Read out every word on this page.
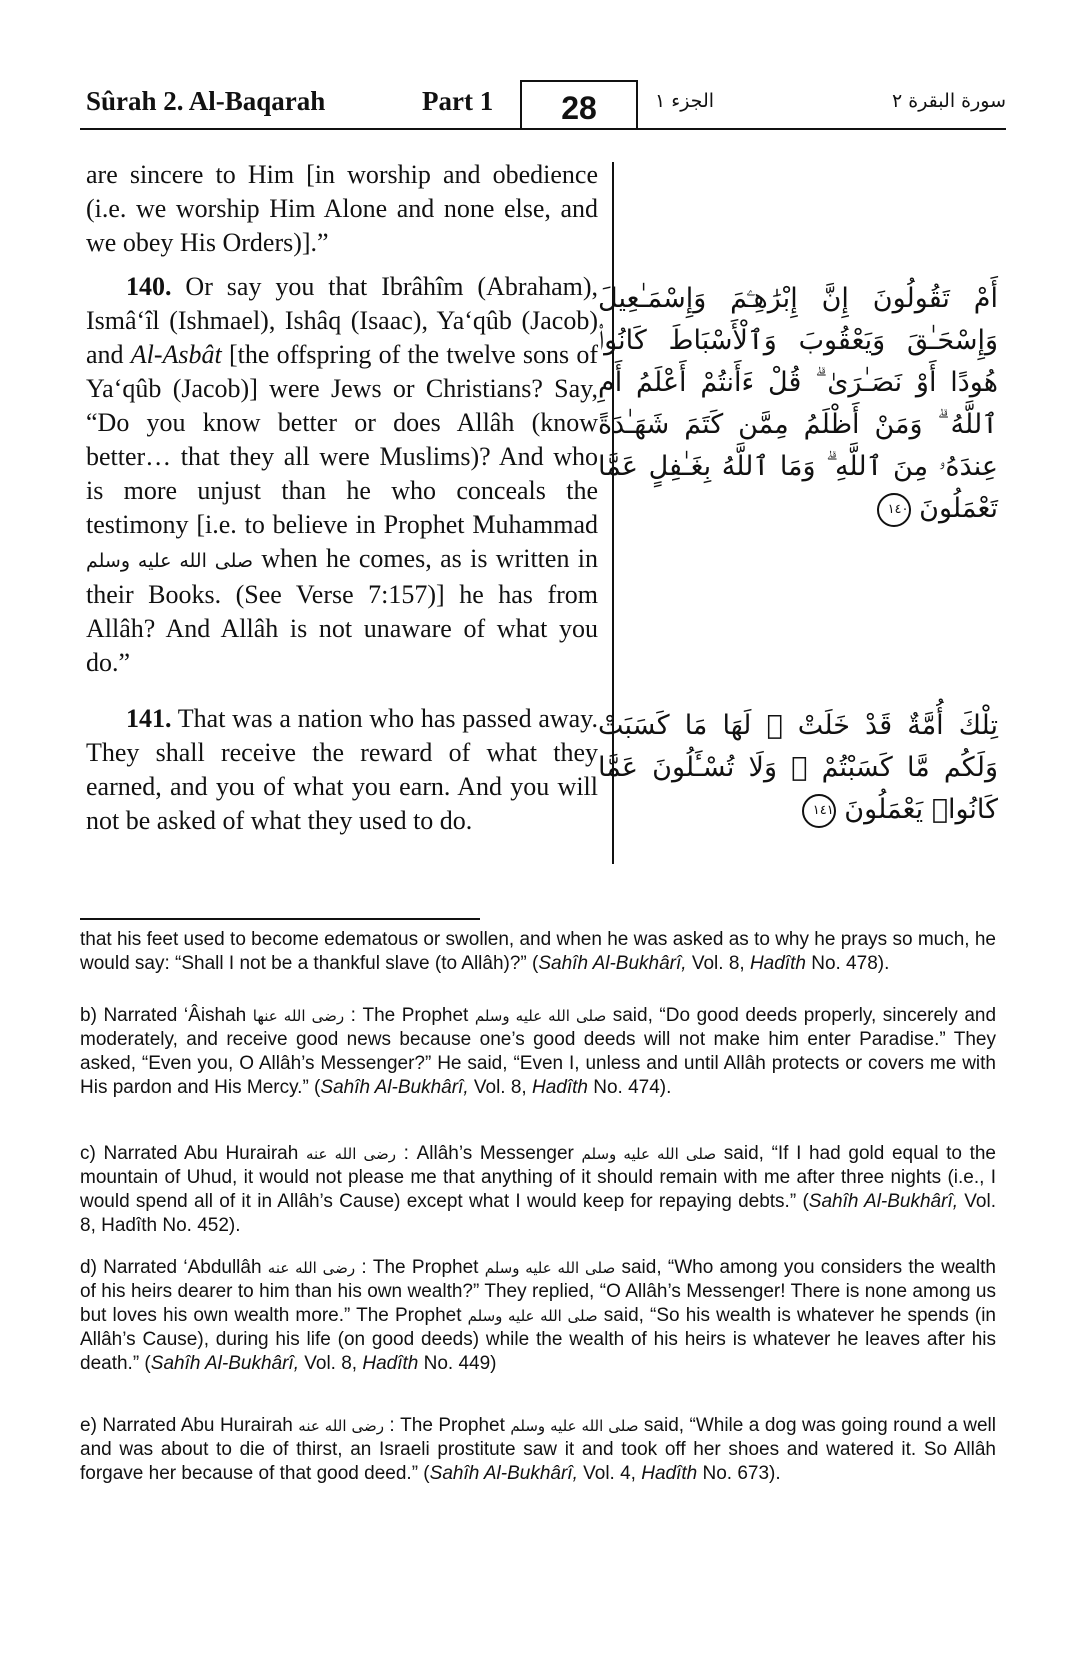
Sûrah 2. Al-Baqarah	Part 1	28	الجزء ١	سورة البقرة ٢
are sincere to Him [in worship and obedience (i.e. we worship Him Alone and none else, and we obey His Orders)].”
140. Or say you that Ibrâhîm (Abraham), Ismâ‘îl (Ishmael), Ishâq (Isaac), Ya‘qûb (Jacob) and Al-Asbât [the offspring of the twelve sons of Ya‘qûb (Jacob)] were Jews or Christians? Say, “Do you know better or does Allâh (know better… that they all were Muslims)? And who is more unjust than he who conceals the testimony [i.e. to believe in Prophet Muhammad صلى الله عليه وسلم when he comes, as is written in their Books. (See Verse 7:157)] he has from Allâh? And Allâh is not unaware of what you do.”
141. That was a nation who has passed away. They shall receive the reward of what they earned, and you of what you earn. And you will not be asked of what they used to do.
أَمْ تَقُولُونَ إِنَّ إِبْرَٰهِـۧمَ وَإِسْمَـٰعِيلَ وَإِسْحَـٰقَ وَيَعْقُوبَ وَٱلْأَسْبَاطَ كَانُوا۟ هُودًا أَوْ نَصَـٰرَىٰ ۗ قُلْ ءَأَنتُمْ أَعْلَمُ أَمِ ٱللَّهُ ۗ وَمَنْ أَظْلَمُ مِمَّن كَتَمَ شَهَـٰدَةً عِندَهُۥ مِنَ ٱللَّهِ ۗ وَمَا ٱللَّهُ بِغَـٰفِلٍ عَمَّا تَعْمَلُونَ ١٤٠
تِلْكَ أُمَّةٌ قَدْ خَلَتْ ۖ لَهَا مَا كَسَبَتْ وَلَكُم مَّا كَسَبْتُمْ ۖ وَلَا تُسْـَٔلُونَ عَمَّا كَانُوا۟ يَعْمَلُونَ ١٤١
that his feet used to become edematous or swollen, and when he was asked as to why he prays so much, he would say: “Shall I not be a thankful slave (to Allâh)?” (Sahîh Al-Bukhârî, Vol. 8, Hadîth No. 478).
b) Narrated ‘Âishah رضى الله عنها : The Prophet صلى الله عليه وسلم said, “Do good deeds properly, sincerely and moderately, and receive good news because one’s good deeds will not make him enter Paradise.” They asked, “Even you, O Allâh’s Messenger?” He said, “Even I, unless and until Allâh protects or covers me with His pardon and His Mercy.” (Sahîh Al-Bukhârî, Vol. 8, Hadîth No. 474).
c) Narrated Abu Hurairah رضى الله عنه : Allâh’s Messenger صلى الله عليه وسلم said, “If I had gold equal to the mountain of Uhud, it would not please me that anything of it should remain with me after three nights (i.e., I would spend all of it in Allâh’s Cause) except what I would keep for repaying debts.” (Sahîh Al-Bukhârî, Vol. 8, Hadîth No. 452).
d) Narrated ‘Abdullâh رضى الله عنه : The Prophet صلى الله عليه وسلم said, “Who among you considers the wealth of his heirs dearer to him than his own wealth?” They replied, “O Allâh’s Messenger! There is none among us but loves his own wealth more.” The Prophet صلى الله عليه وسلم said, “So his wealth is whatever he spends (in Allâh’s Cause), during his life (on good deeds) while the wealth of his heirs is whatever he leaves after his death.” (Sahîh Al-Bukhârî, Vol. 8, Hadîth No. 449)
e) Narrated Abu Hurairah رضى الله عنه : The Prophet صلى الله عليه وسلم said, “While a dog was going round a well and was about to die of thirst, an Israeli prostitute saw it and took off her shoes and watered it. So Allâh forgave her because of that good deed.” (Sahîh Al-Bukhârî, Vol. 4, Hadîth No. 673).
